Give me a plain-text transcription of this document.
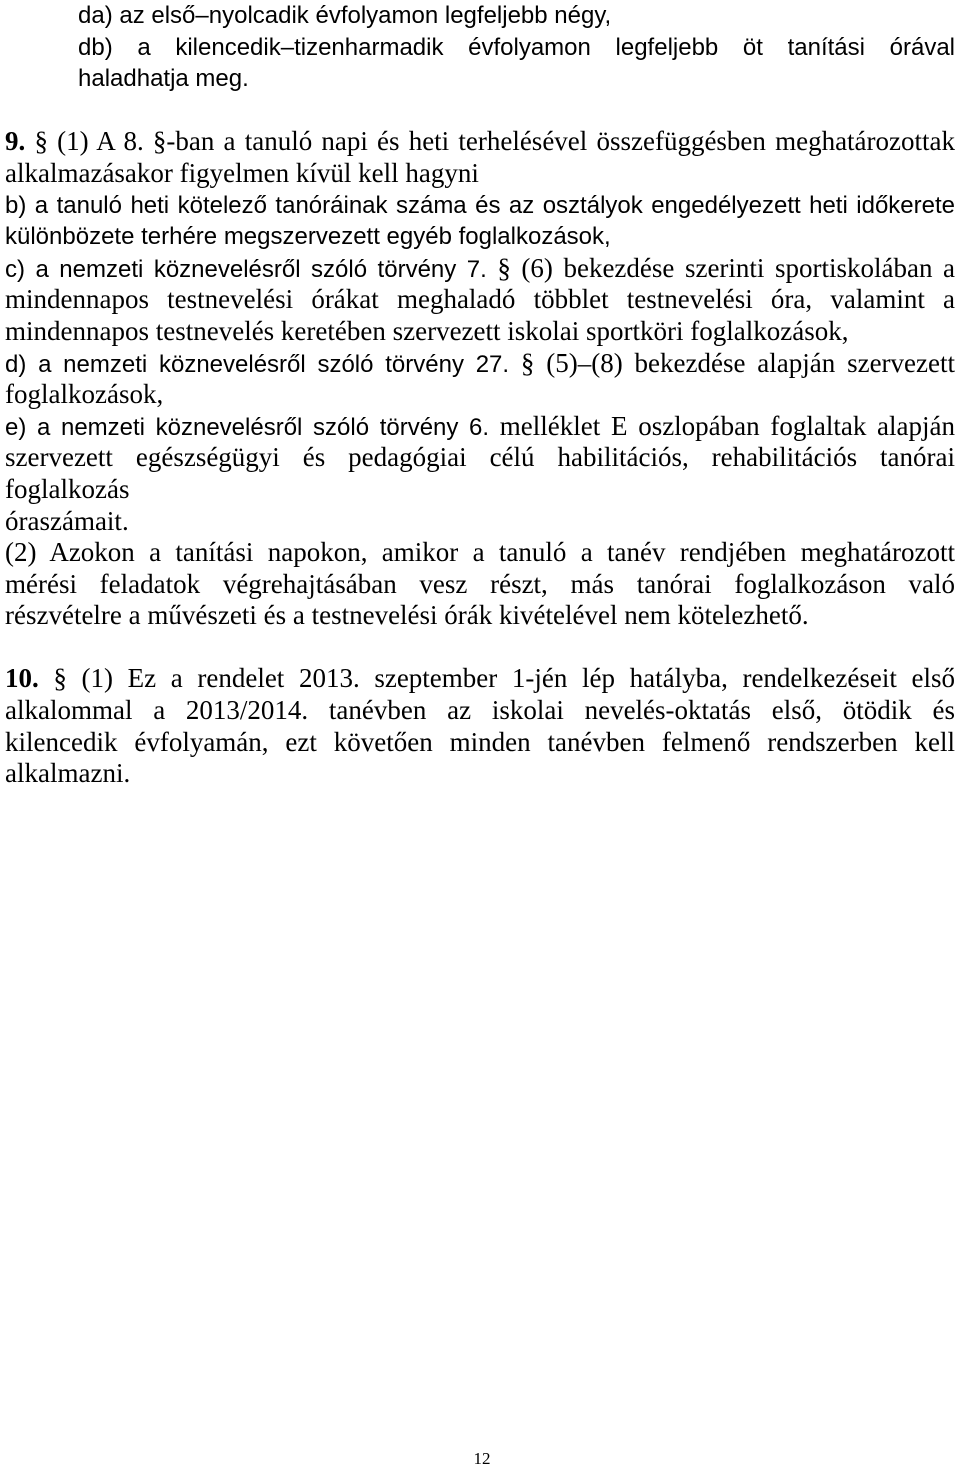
da) az első–nyolcadik évfolyamon legfeljebb négy,
db) a kilencedik–tizenharmadik évfolyamon legfeljebb öt tanítási órával
haladhatja meg.
9. § (1) A 8. §-ban a tanuló napi és heti terhelésével összefüggésben meghatározottak
alkalmazásakor figyelmen kívül kell hagyni
b) a tanuló heti kötelező tanóráinak száma és az osztályok engedélyezett heti időkerete
különbözete terhére megszervezett egyéb foglalkozások,
c) a nemzeti köznevelésről szóló törvény 7. § (6) bekezdése szerinti sportiskolában a
mindennapos testnevelési órákat meghaladó többlet testnevelési óra, valamint a
mindennapos testnevelés keretében szervezett iskolai sportköri foglalkozások,
d) a nemzeti köznevelésről szóló törvény 27. § (5)–(8) bekezdése alapján szervezett
foglalkozások,
e) a nemzeti köznevelésről szóló törvény 6. melléklet E oszlopában foglaltak alapján
szervezett egészségügyi és pedagógiai célú habilitációs, rehabilitációs tanórai
foglalkozás
óraszámait.
(2) Azokon a tanítási napokon, amikor a tanuló a tanév rendjében meghatározott
mérési feladatok végrehajtásában vesz részt, más tanórai foglalkozáson való
részvételre a művészeti és a testnevelési órák kivételével nem kötelezhető.
10. § (1) Ez a rendelet 2013. szeptember 1-jén lép hatályba, rendelkezéseit első
alkalommal a 2013/2014. tanévben az iskolai nevelés-oktatás első, ötödik és
kilencedik évfolyamán, ezt követően minden tanévben felmenő rendszerben kell
alkalmazni.
12
